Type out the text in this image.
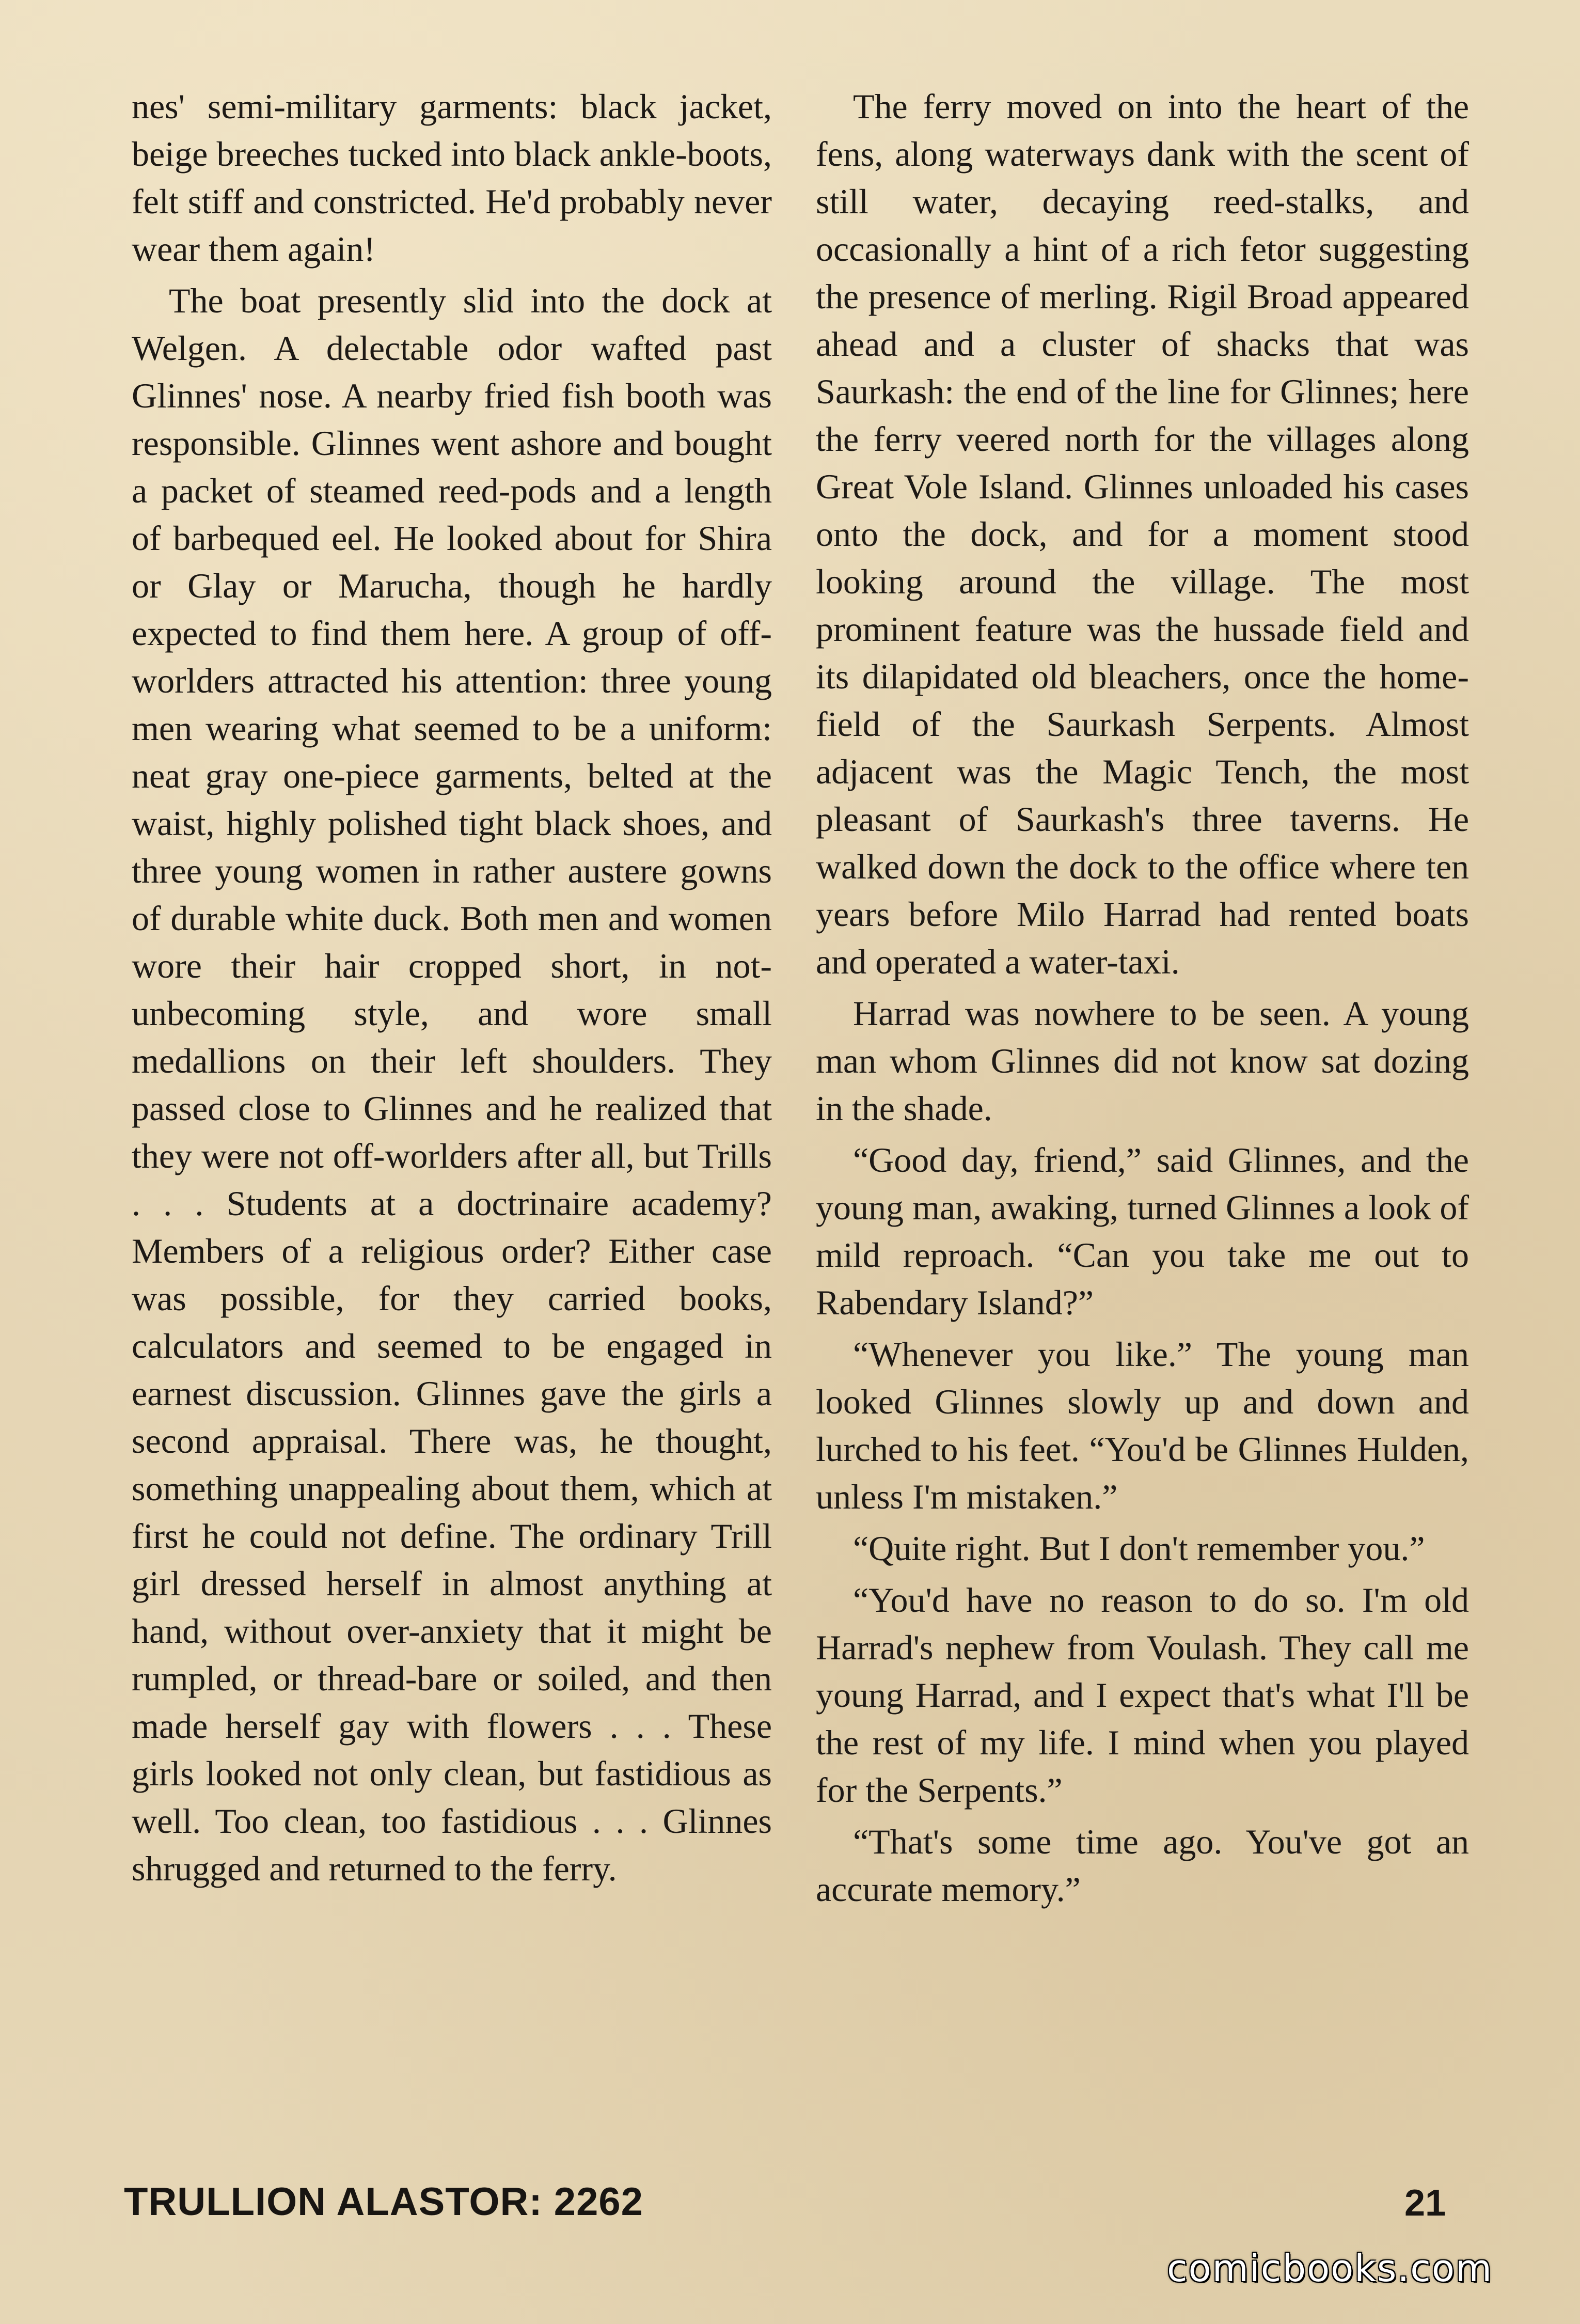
nes' semi-military garments: black jacket, beige breeches tucked into black ankle-boots, felt stiff and constricted. He'd probably never wear them again!

The boat presently slid into the dock at Welgen. A delectable odor wafted past Glinnes' nose. A nearby fried fish booth was responsible. Glinnes went ashore and bought a packet of steamed reed-pods and a length of barbequed eel. He looked about for Shira or Glay or Marucha, though he hardly expected to find them here. A group of off-worlders attracted his attention: three young men wearing what seemed to be a uniform: neat gray one-piece garments, belted at the waist, highly polished tight black shoes, and three young women in rather austere gowns of durable white duck. Both men and women wore their hair cropped short, in not-unbecoming style, and wore small medallions on their left shoulders. They passed close to Glinnes and he realized that they were not off-worlders after all, but Trills . . . Students at a doctrinaire academy? Members of a religious order? Either case was possible, for they carried books, calculators and seemed to be engaged in earnest discussion. Glinnes gave the girls a second appraisal. There was, he thought, something unappealing about them, which at first he could not define. The ordinary Trill girl dressed herself in almost anything at hand, without over-anxiety that it might be rumpled, or thread-bare or soiled, and then made herself gay with flowers . . . These girls looked not only clean, but fastidious as well. Too clean, too fastidious . . . Glinnes shrugged and returned to the ferry.

The ferry moved on into the heart of the fens, along waterways dank with the scent of still water, decaying reed-stalks, and occasionally a hint of a rich fetor suggesting the presence of merling. Rigil Broad appeared ahead and a cluster of shacks that was Saurkash: the end of the line for Glinnes; here the ferry veered north for the villages along Great Vole Island. Glinnes unloaded his cases onto the dock, and for a moment stood looking around the village. The most prominent feature was the hussade field and its dilapidated old bleachers, once the home-field of the Saurkash Serpents. Almost adjacent was the Magic Tench, the most pleasant of Saurkash's three taverns. He walked down the dock to the office where ten years before Milo Harrad had rented boats and operated a water-taxi.

Harrad was nowhere to be seen. A young man whom Glinnes did not know sat dozing in the shade.

“Good day, friend,” said Glinnes, and the young man, awaking, turned Glinnes a look of mild reproach. “Can you take me out to Rabendary Island?”

“Whenever you like.” The young man looked Glinnes slowly up and down and lurched to his feet. “You'd be Glinnes Hulden, unless I'm mistaken.”

“Quite right. But I don't remember you.”

“You'd have no reason to do so. I'm old Harrad's nephew from Voulash. They call me young Harrad, and I expect that's what I'll be the rest of my life. I mind when you played for the Serpents.”

“That's some time ago. You've got an accurate memory.”

TRULLION ALASTOR: 2262	21
comicbooks.com
